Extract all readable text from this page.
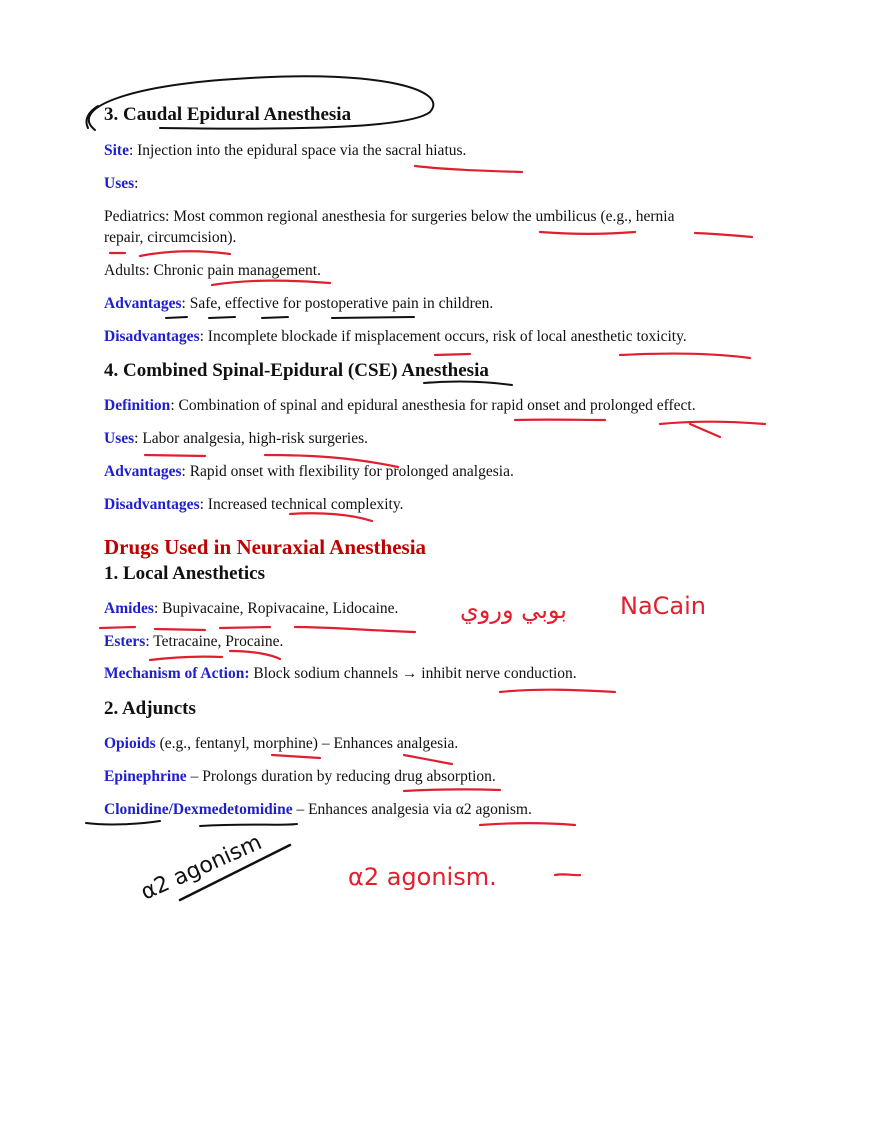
3. Caudal Epidural Anesthesia
Site: Injection into the epidural space via the sacral hiatus.
Uses:
Pediatrics: Most common regional anesthesia for surgeries below the umbilicus (e.g., hernia
repair, circumcision).
Adults: Chronic pain management.
Advantages: Safe, effective for postoperative pain in children.
Disadvantages: Incomplete blockade if misplacement occurs, risk of local anesthetic toxicity.
4. Combined Spinal-Epidural (CSE) Anesthesia
Definition: Combination of spinal and epidural anesthesia for rapid onset and prolonged effect.
Uses: Labor analgesia, high-risk surgeries.
Advantages: Rapid onset with flexibility for prolonged analgesia.
Disadvantages: Increased technical complexity.
Drugs Used in Neuraxial Anesthesia
1. Local Anesthetics
Amides: Bupivacaine, Ropivacaine, Lidocaine.
Esters: Tetracaine, Procaine.
Mechanism of Action: Block sodium channels → inhibit nerve conduction.
2. Adjuncts
Opioids (e.g., fentanyl, morphine) – Enhances analgesia.
Epinephrine – Prolongs duration by reducing drug absorption.
Clonidine/Dexmedetomidine – Enhances analgesia via α2 agonism.
بوبي وروي NaCain
α2 agonism	α2 agonism.
